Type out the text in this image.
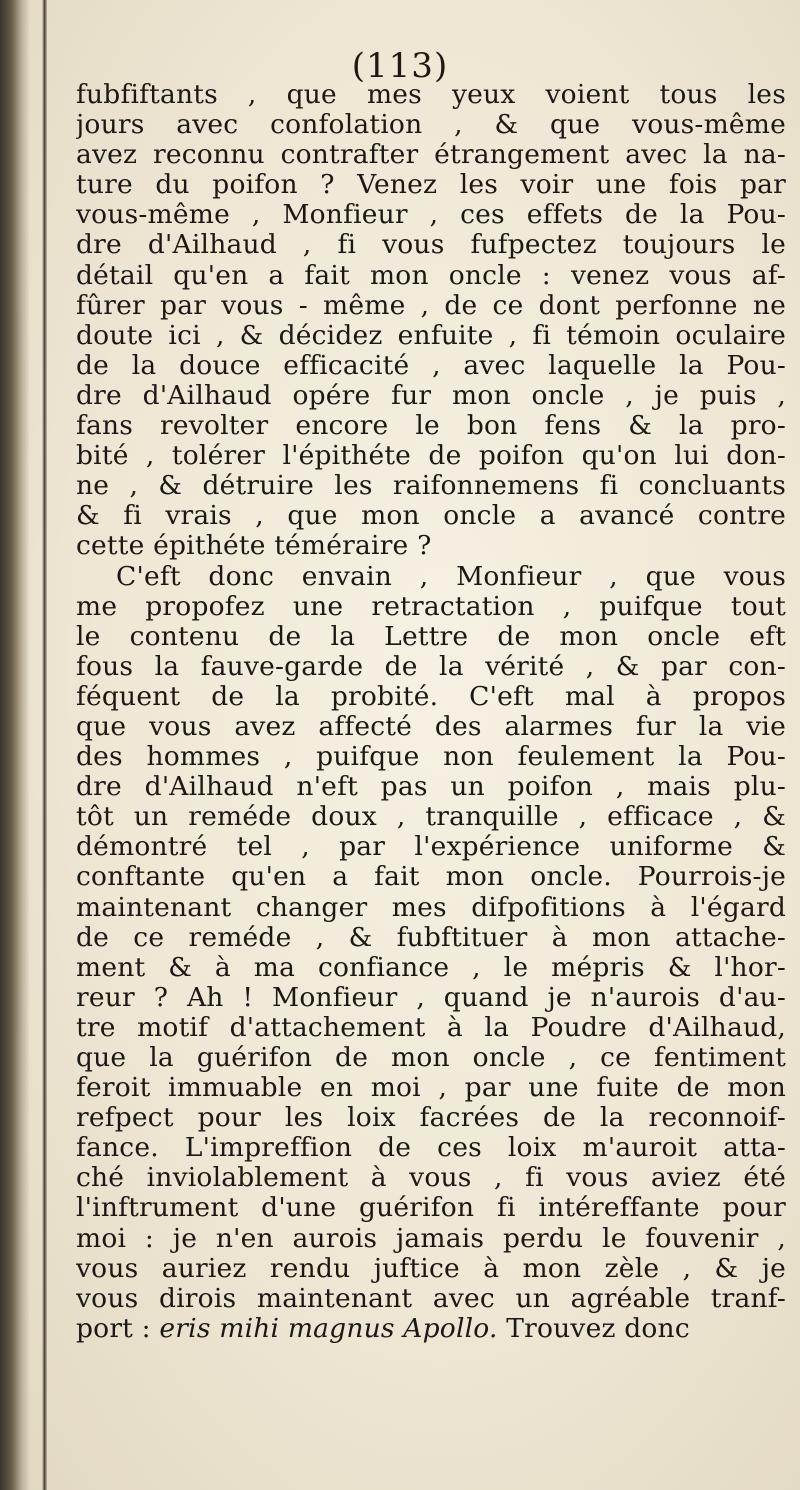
(113)
fubfiftants , que mes yeux voient tous les
jours avec confolation , & que vous-même
avez reconnu contrafter étrangement avec la na-
ture du poifon ? Venez les voir une fois par
vous-même , Monfieur , ces effets de la Pou-
dre d'Ailhaud , fi vous fufpectez toujours le
détail qu'en a fait mon oncle : venez vous af-
fûrer par vous - même , de ce dont perfonne ne
doute ici , & décidez enfuite , fi témoin oculaire
de la douce efficacité , avec laquelle la Pou-
dre d'Ailhaud opére fur mon oncle , je puis ,
fans revolter encore le bon fens & la pro-
bité , tolérer l'épithéte de poifon qu'on lui don-
ne , & détruire les raifonnemens fi concluants
& fi vrais , que mon oncle a avancé contre
cette épithéte téméraire ?
C'eft donc envain , Monfieur , que vous
me propofez une retractation , puifque tout
le contenu de la Lettre de mon oncle eft
fous la fauve-garde de la vérité , & par con-
féquent de la probité. C'eft mal à propos
que vous avez affecté des alarmes fur la vie
des hommes , puifque non feulement la Pou-
dre d'Ailhaud n'eft pas un poifon , mais plu-
tôt un reméde doux , tranquille , efficace , &
démontré tel , par l'expérience uniforme &
conftante qu'en a fait mon oncle. Pourrois-je
maintenant changer mes difpofitions à l'égard
de ce reméde , & fubftituer à mon attache-
ment & à ma confiance , le mépris & l'hor-
reur ? Ah ! Monfieur , quand je n'aurois d'au-
tre motif d'attachement à la Poudre d'Ailhaud,
que la guérifon de mon oncle , ce fentiment
feroit immuable en moi , par une fuite de mon
refpect pour les loix facrées de la reconnoif-
fance. L'impreffion de ces loix m'auroit atta-
ché inviolablement à vous , fi vous aviez été
l'inftrument d'une guérifon fi intéreffante pour
moi : je n'en aurois jamais perdu le fouvenir ,
vous auriez rendu juftice à mon zèle , & je
vous dirois maintenant avec un agréable tranf-
port : eris mihi magnus Apollo. Trouvez donc
